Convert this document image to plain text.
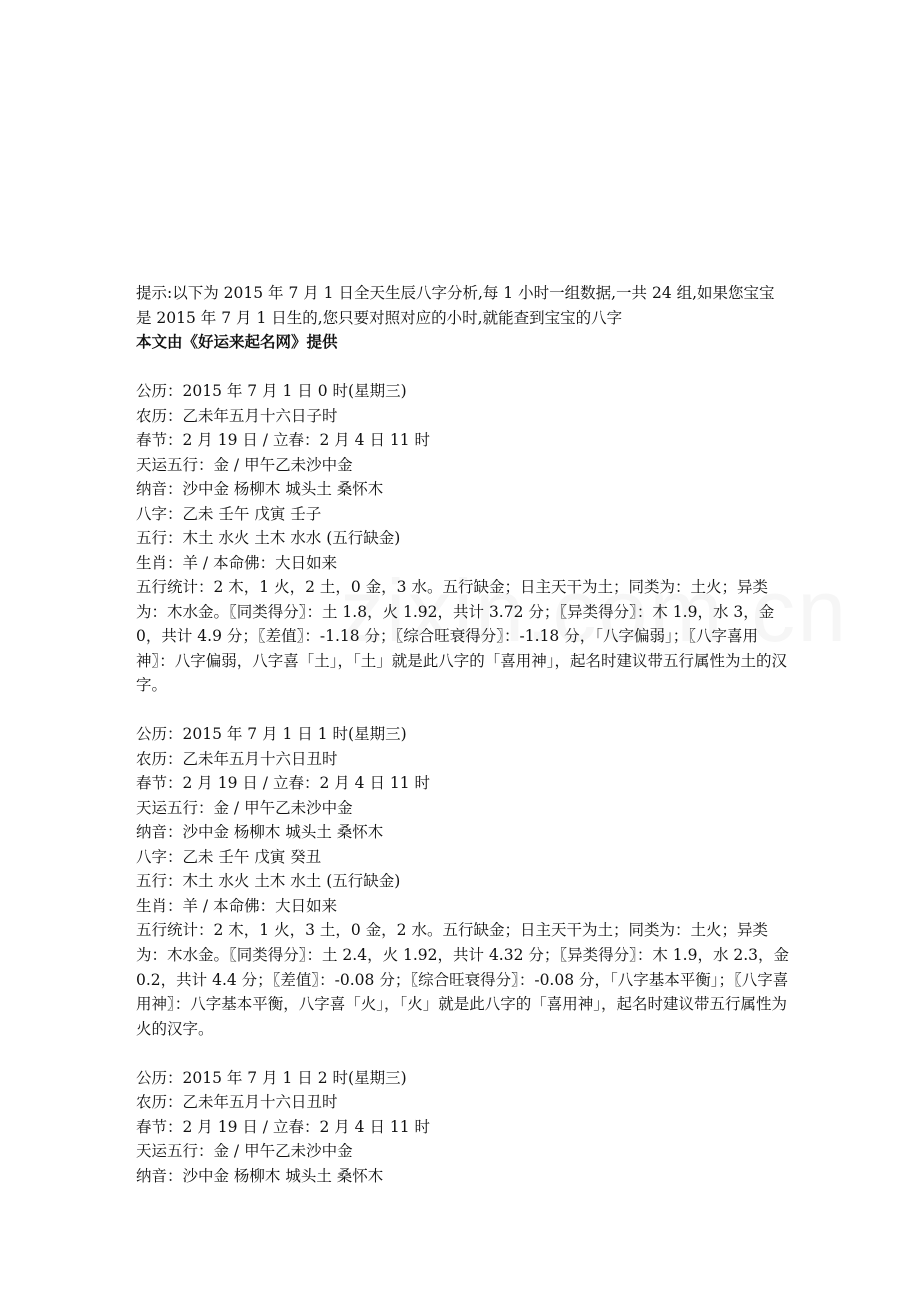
提示:以下为 2015 年 7 月 1 日全天生辰八字分析,每 1 小时一组数据,一共 24 组,如果您宝宝
是 2015 年 7 月 1 日生的,您只要对照对应的小时,就能查到宝宝的八字
本文由《好运来起名网》提供
公历：2015 年 7 月 1 日 0 时(星期三)
农历：乙未年五月十六日子时
春节：2 月 19 日 / 立春：2 月 4 日 11 时
天运五行：金 / 甲午乙未沙中金
纳音：沙中金 杨柳木 城头土 桑怀木
八字：乙未 壬午 戊寅 壬子
五行：木土 水火 土木 水水 (五行缺金)
生肖：羊 / 本命佛：大日如来
五行统计：2 木，1 火，2 土，0 金，3 水。五行缺金；日主天干为土；同类为：土火；异类为：木水金。〖同类得分〗：土 1.8，火 1.92，共计 3.72 分；〖异类得分〗：木 1.9，水 3，金 0，共计 4.9 分；〖差值〗：-1.18 分；〖综合旺衰得分〗：-1.18 分，「八字偏弱」；〖八字喜用神〗：八字偏弱，八字喜「土」，「土」就是此八字的「喜用神」，起名时建议带五行属性为土的汉字。
公历：2015 年 7 月 1 日 1 时(星期三)
农历：乙未年五月十六日丑时
春节：2 月 19 日 / 立春：2 月 4 日 11 时
天运五行：金 / 甲午乙未沙中金
纳音：沙中金 杨柳木 城头土 桑怀木
八字：乙未 壬午 戊寅 癸丑
五行：木土 水火 土木 水土 (五行缺金)
生肖：羊 / 本命佛：大日如来
五行统计：2 木，1 火，3 土，0 金，2 水。五行缺金；日主天干为土；同类为：土火；异类为：木水金。〖同类得分〗：土 2.4，火 1.92，共计 4.32 分；〖异类得分〗：木 1.9，水 2.3，金 0.2，共计 4.4 分；〖差值〗：-0.08 分；〖综合旺衰得分〗：-0.08 分，「八字基本平衡」；〖八字喜用神〗：八字基本平衡，八字喜「火」，「火」就是此八字的「喜用神」，起名时建议带五行属性为火的汉字。
公历：2015 年 7 月 1 日 2 时(星期三)
农历：乙未年五月十六日丑时
春节：2 月 19 日 / 立春：2 月 4 日 11 时
天运五行：金 / 甲午乙未沙中金
纳音：沙中金 杨柳木 城头土 桑怀木
